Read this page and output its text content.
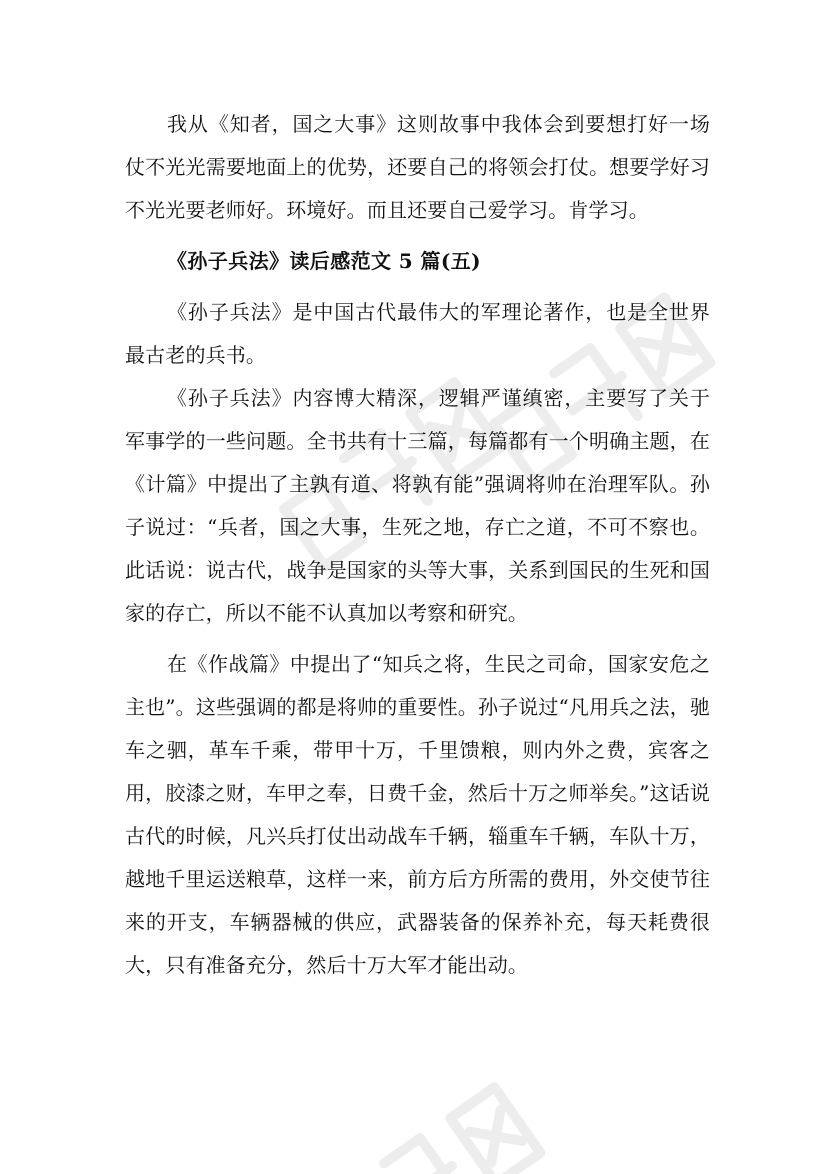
我从《知者，国之大事》这则故事中我体会到要想打好一场仗不光光需要地面上的优势，还要自己的将领会打仗。想要学好习不光光要老师好。环境好。而且还要自己爱学习。肯学习。

《孙子兵法》读后感范文 5 篇(五)

《孙子兵法》是中国古代最伟大的军理论著作，也是全世界最古老的兵书。

《孙子兵法》内容博大精深，逻辑严谨缜密，主要写了关于军事学的一些问题。全书共有十三篇，每篇都有一个明确主题，在《计篇》中提出了主孰有道、将孰有能”强调将帅在治理军队。孙子说过：“兵者，国之大事，生死之地，存亡之道，不可不察也。此话说：说古代，战争是国家的头等大事，关系到国民的生死和国家的存亡，所以不能不认真加以考察和研究。

在《作战篇》中提出了“知兵之将，生民之司命，国家安危之主也”。这些强调的都是将帅的重要性。孙子说过“凡用兵之法，驰车之驷，革车千乘，带甲十万，千里馈粮，则内外之费，宾客之用，胶漆之财，车甲之奉，日费千金，然后十万之师举矣。”这话说古代的时候，凡兴兵打仗出动战车千辆，辎重车千辆，车队十万，越地千里运送粮草，这样一来，前方后方所需的费用，外交使节往来的开支，车辆器械的供应，武器装备的保养补充，每天耗费很大，只有准备充分，然后十万大军才能出动。
